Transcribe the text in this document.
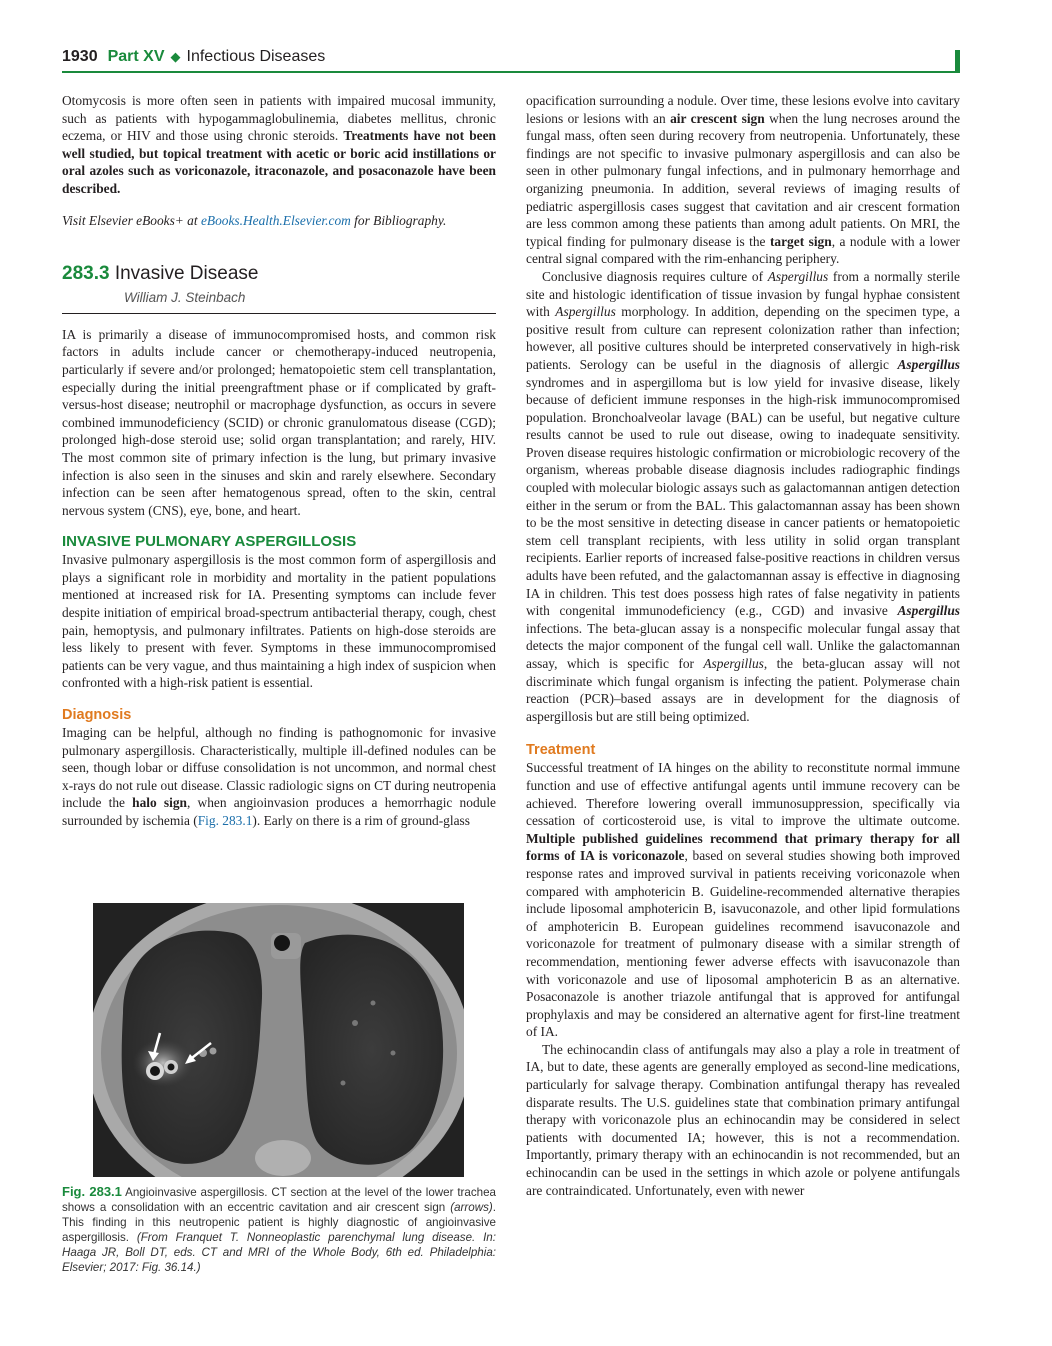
1930 Part XV ◆ Infectious Diseases

Otomycosis is more often seen in patients with impaired mucosal immunity, such as patients with hypogammaglobulinemia, diabetes mellitus, chronic eczema, or HIV and those using chronic steroids. Treatments have not been well studied, but topical treatment with acetic or boric acid instillations or oral azoles such as voriconazole, itraconazole, and posaconazole have been described.

Visit Elsevier eBooks+ at eBooks.Health.Elsevier.com for Bibliography.

283.3 Invasive Disease
William J. Steinbach

IA is primarily a disease of immunocompromised hosts, and common risk factors in adults include cancer or chemotherapy-induced neutropenia, particularly if severe and/or prolonged; hematopoietic stem cell transplantation, especially during the initial preengraftment phase or if complicated by graft-versus-host disease; neutrophil or macrophage dysfunction, as occurs in severe combined immunodeficiency (SCID) or chronic granulomatous disease (CGD); prolonged high-dose steroid use; solid organ transplantation; and rarely, HIV. The most common site of primary infection is the lung, but primary invasive infection is also seen in the sinuses and skin and rarely elsewhere. Secondary infection can be seen after hematogenous spread, often to the skin, central nervous system (CNS), eye, bone, and heart.

INVASIVE PULMONARY ASPERGILLOSIS

Invasive pulmonary aspergillosis is the most common form of aspergillosis and plays a significant role in morbidity and mortality in the patient populations mentioned at increased risk for IA. Presenting symptoms can include fever despite initiation of empirical broad-spectrum antibacterial therapy, cough, chest pain, hemoptysis, and pulmonary infiltrates. Patients on high-dose steroids are less likely to present with fever. Symptoms in these immunocompromised patients can be very vague, and thus maintaining a high index of suspicion when confronted with a high-risk patient is essential.

Diagnosis

Imaging can be helpful, although no finding is pathognomonic for invasive pulmonary aspergillosis. Characteristically, multiple ill-defined nodules can be seen, though lobar or diffuse consolidation is not uncommon, and normal chest x-rays do not rule out disease. Classic radiologic signs on CT during neutropenia include the halo sign, when angioinvasion produces a hemorrhagic nodule surrounded by ischemia (Fig. 283.1). Early on there is a rim of ground-glass

Fig. 283.1 Angioinvasive aspergillosis. CT section at the level of the lower trachea shows a consolidation with an eccentric cavitation and air crescent sign (arrows). This finding in this neutropenic patient is highly diagnostic of angioinvasive aspergillosis. (From Franquet T. Nonneoplastic parenchymal lung disease. In: Haaga JR, Boll DT, eds. CT and MRI of the Whole Body, 6th ed. Philadelphia: Elsevier; 2017: Fig. 36.14.)

opacification surrounding a nodule. Over time, these lesions evolve into cavitary lesions or lesions with an air crescent sign when the lung necroses around the fungal mass, often seen during recovery from neutropenia. Unfortunately, these findings are not specific to invasive pulmonary aspergillosis and can also be seen in other pulmonary fungal infections, and in pulmonary hemorrhage and organizing pneumonia. In addition, several reviews of imaging results of pediatric aspergillosis cases suggest that cavitation and air crescent formation are less common among these patients than among adult patients. On MRI, the typical finding for pulmonary disease is the target sign, a nodule with a lower central signal compared with the rim-enhancing periphery.

Conclusive diagnosis requires culture of Aspergillus from a normally sterile site and histologic identification of tissue invasion by fungal hyphae consistent with Aspergillus morphology. In addition, depending on the specimen type, a positive result from culture can represent colonization rather than infection; however, all positive cultures should be interpreted conservatively in high-risk patients. Serology can be useful in the diagnosis of allergic Aspergillus syndromes and in aspergilloma but is low yield for invasive disease, likely because of deficient immune responses in the high-risk immunocompromised population. Bronchoalveolar lavage (BAL) can be useful, but negative culture results cannot be used to rule out disease, owing to inadequate sensitivity. Proven disease requires histologic confirmation or microbiologic recovery of the organism, whereas probable disease diagnosis includes radiographic findings coupled with molecular biologic assays such as galactomannan antigen detection either in the serum or from the BAL. This galactomannan assay has been shown to be the most sensitive in detecting disease in cancer patients or hematopoietic stem cell transplant recipients, with less utility in solid organ transplant recipients. Earlier reports of increased false-positive reactions in children versus adults have been refuted, and the galactomannan assay is effective in diagnosing IA in children. This test does possess high rates of false negativity in patients with congenital immunodeficiency (e.g., CGD) and invasive Aspergillus infections. The beta-glucan assay is a nonspecific molecular fungal assay that detects the major component of the fungal cell wall. Unlike the galactomannan assay, which is specific for Aspergillus, the beta-glucan assay will not discriminate which fungal organism is infecting the patient. Polymerase chain reaction (PCR)–based assays are in development for the diagnosis of aspergillosis but are still being optimized.

Treatment

Successful treatment of IA hinges on the ability to reconstitute normal immune function and use of effective antifungal agents until immune recovery can be achieved. Therefore lowering overall immunosuppression, specifically via cessation of corticosteroid use, is vital to improve the ultimate outcome. Multiple published guidelines recommend that primary therapy for all forms of IA is voriconazole, based on several studies showing both improved response rates and improved survival in patients receiving voriconazole when compared with amphotericin B. Guideline-recommended alternative therapies include liposomal amphotericin B, isavuconazole, and other lipid formulations of amphotericin B. European guidelines recommend isavuconazole and voriconazole for treatment of pulmonary disease with a similar strength of recommendation, mentioning fewer adverse effects with isavuconazole than with voriconazole and use of liposomal amphotericin B as an alternative. Posaconazole is another triazole antifungal that is approved for antifungal prophylaxis and may be considered an alternative agent for first-line treatment of IA.

The echinocandin class of antifungals may also a play a role in treatment of IA, but to date, these agents are generally employed as second-line medications, particularly for salvage therapy. Combination antifungal therapy has revealed disparate results. The U.S. guidelines state that combination primary antifungal therapy with voriconazole plus an echinocandin may be considered in select patients with documented IA; however, this is not a recommendation. Importantly, primary therapy with an echinocandin is not recommended, but an echinocandin can be used in the settings in which azole or polyene antifungals are contraindicated. Unfortunately, even with newer
